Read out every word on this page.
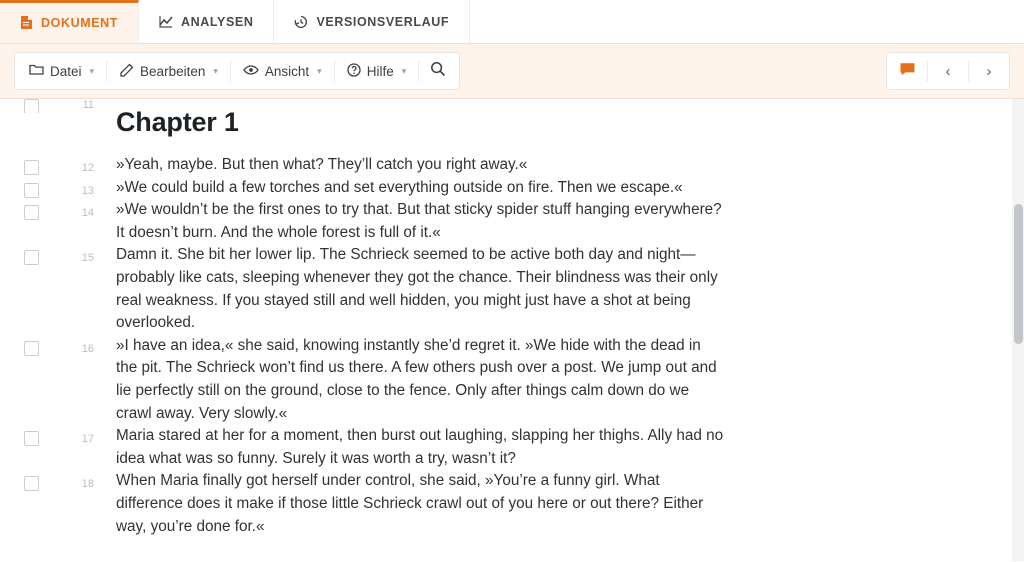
DOKUMENT	ANALYSEN	VERSIONSVERLAUF
Datei ▾	Bearbeiten ▾	Ansicht ▾	Hilfe ▾	‹	›
11
Chapter 1
12	»Yeah, maybe. But then what? They’ll catch you right away.«
13	»We could build a few torches and set everything outside on fire. Then we escape.«
14	»We wouldn’t be the first ones to try that. But that sticky spider stuff hanging everywhere? It doesn’t burn. And the whole forest is full of it.«
15	Damn it. She bit her lower lip. The Schrieck seemed to be active both day and night—probably like cats, sleeping whenever they got the chance. Their blindness was their only real weakness. If you stayed still and well hidden, you might just have a shot at being overlooked.
16	»I have an idea,« she said, knowing instantly she’d regret it. »We hide with the dead in the pit. The Schrieck won’t find us there. A few others push over a post. We jump out and lie perfectly still on the ground, close to the fence. Only after things calm down do we crawl away. Very slowly.«
17	Maria stared at her for a moment, then burst out laughing, slapping her thighs. Ally had no idea what was so funny. Surely it was worth a try, wasn’t it?
18	When Maria finally got herself under control, she said, »You’re a funny girl. What difference does it make if those little Schrieck crawl out of you here or out there? Either way, you’re done for.«
